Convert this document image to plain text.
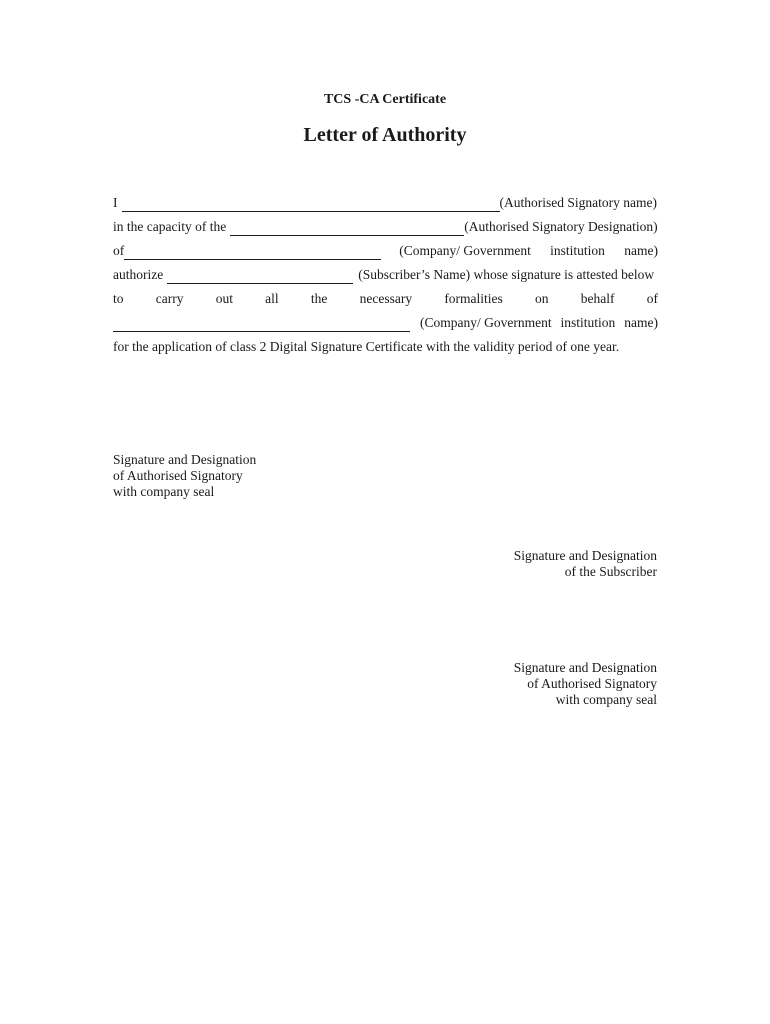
TCS -CA Certificate
Letter of Authority
I	(Authorised Signatory name)
in the capacity of the	(Authorised Signatory Designation)
of	(Company/ Government institution name)
authorize	(Subscriber’s Name) whose signature is attested below
to carry out all the necessary formalities on behalf of
(Company/ Government institution name)
for the application of class 2 Digital Signature Certificate with the validity period of one year.
Signature and Designation
of Authorised Signatory
with company seal
Signature and Designation
of the Subscriber
Signature and Designation
of Authorised Signatory
with company seal
